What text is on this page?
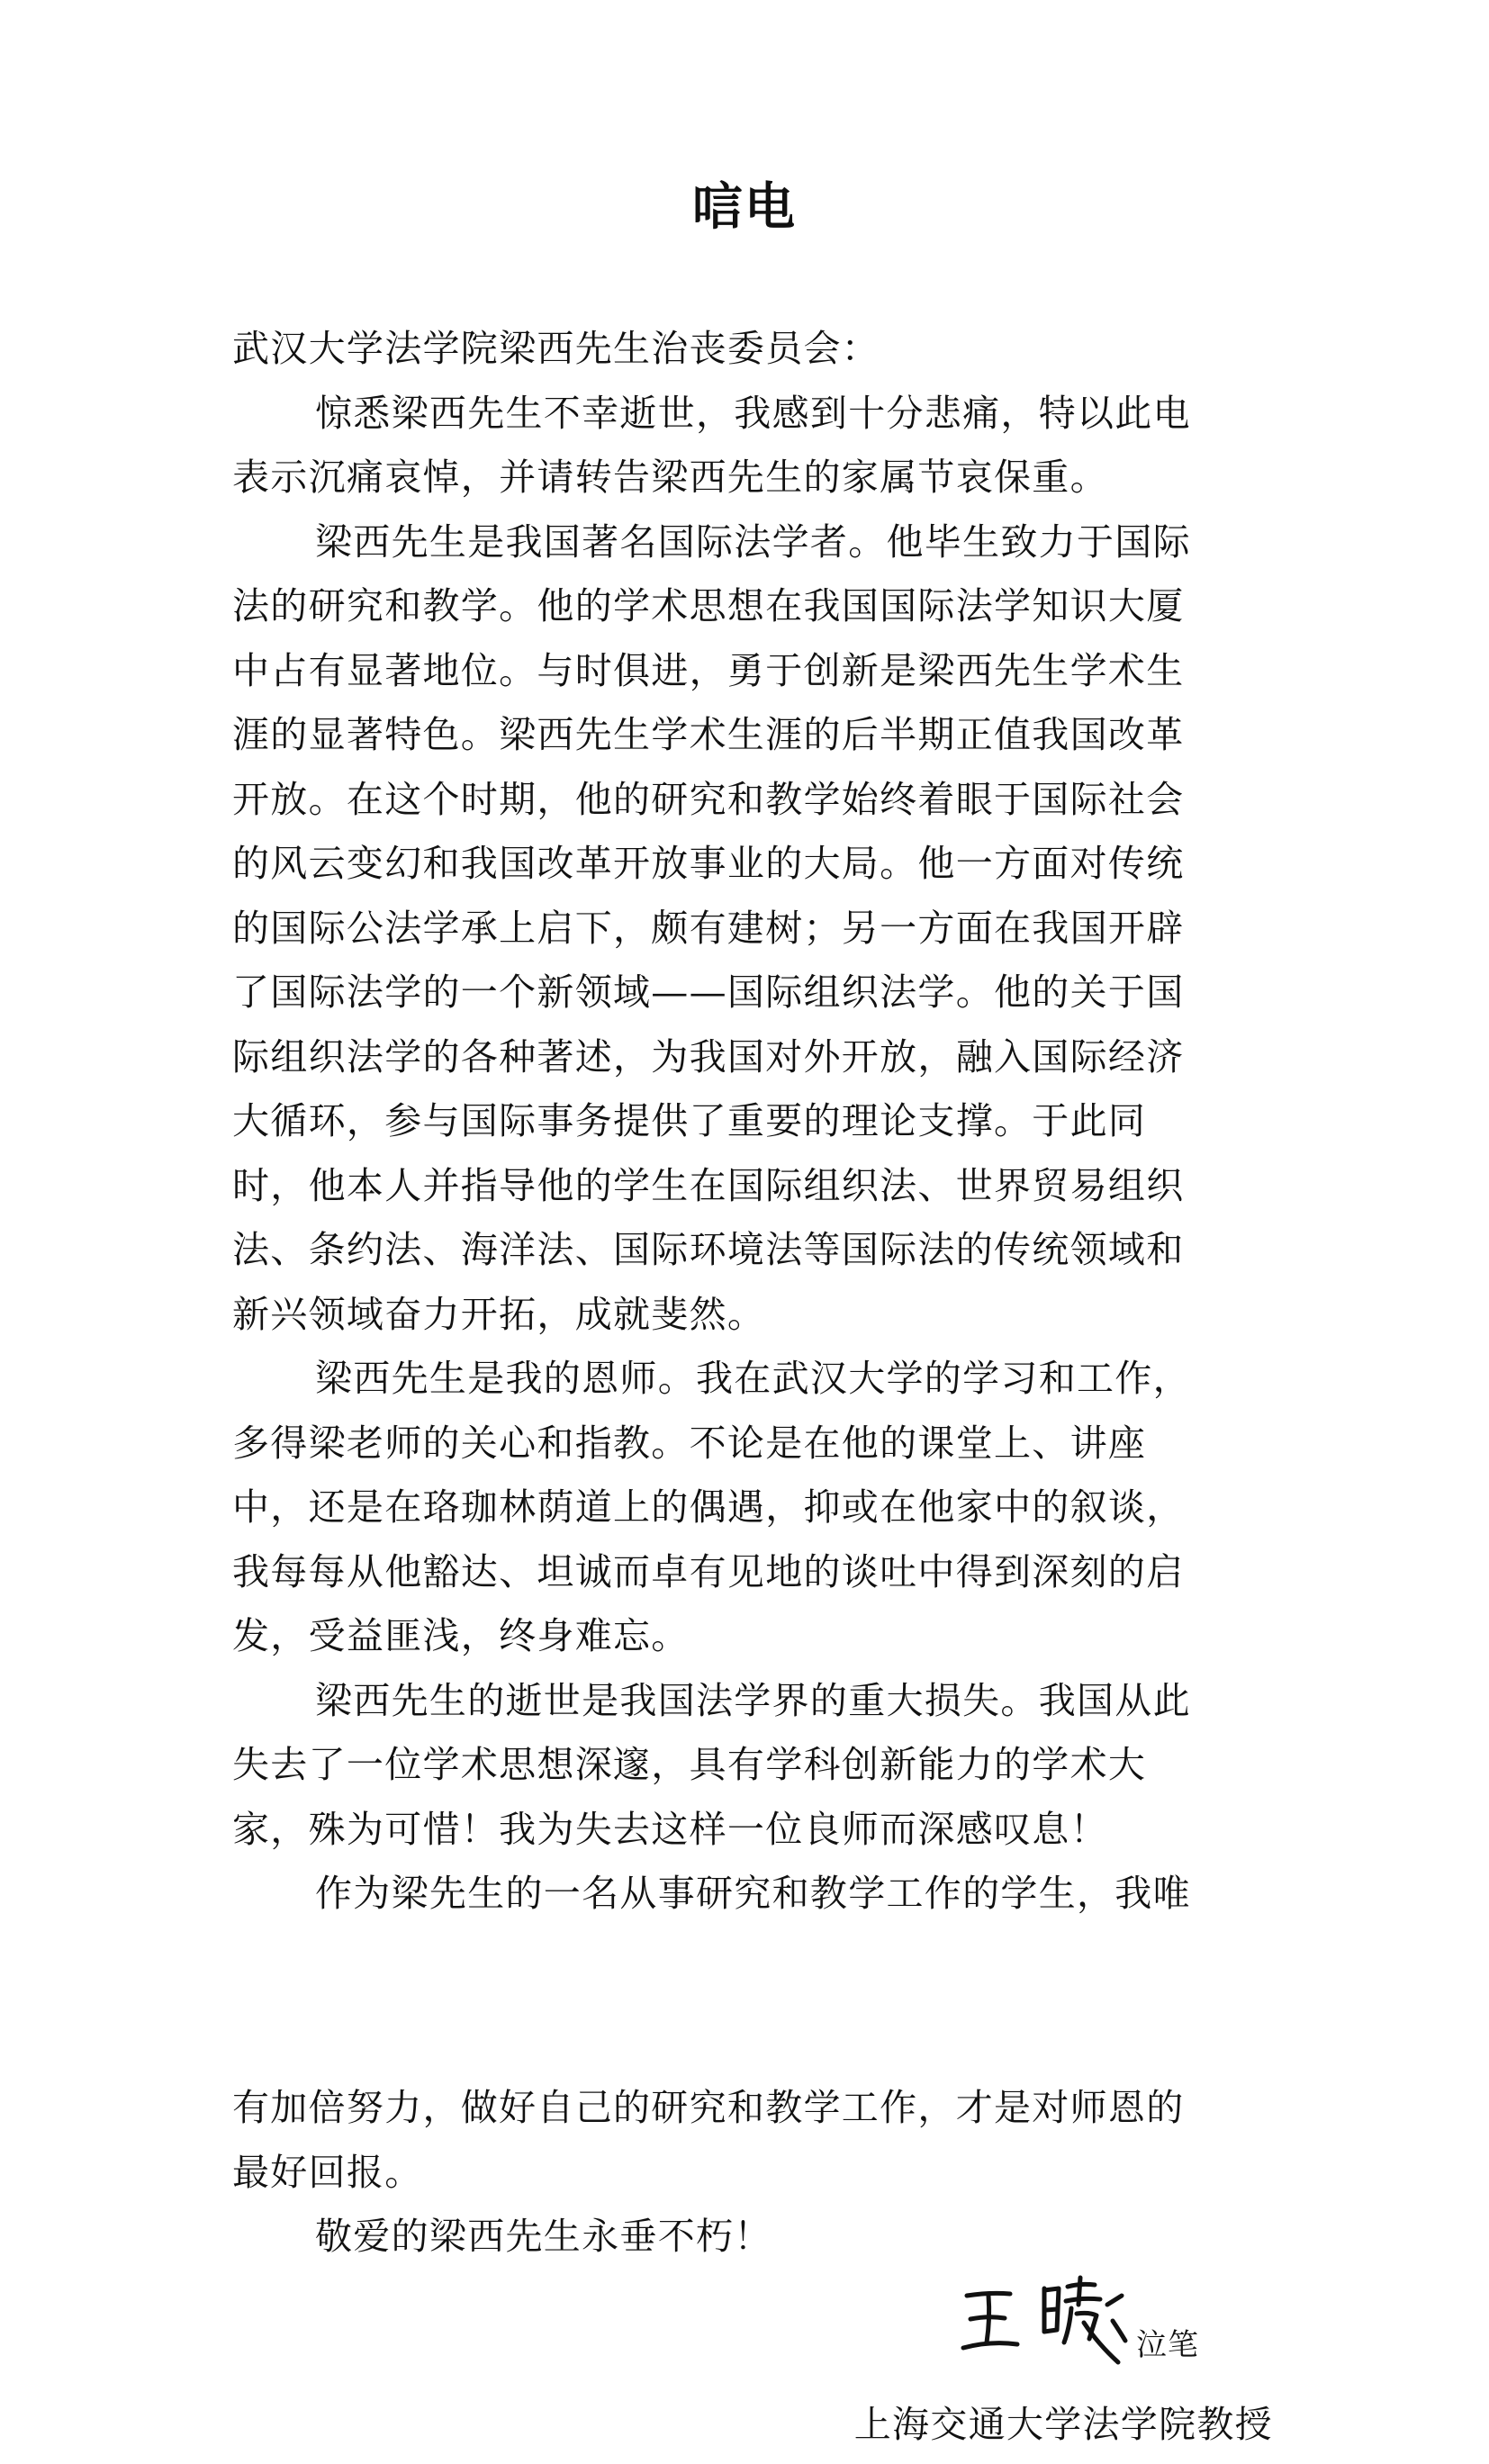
唁电
武汉大学法学院梁西先生治丧委员会：
惊悉梁西先生不幸逝世，我感到十分悲痛，特以此电
表示沉痛哀悼，并请转告梁西先生的家属节哀保重。
梁西先生是我国著名国际法学者。他毕生致力于国际
法的研究和教学。他的学术思想在我国国际法学知识大厦
中占有显著地位。与时俱进，勇于创新是梁西先生学术生
涯的显著特色。梁西先生学术生涯的后半期正值我国改革
开放。在这个时期，他的研究和教学始终着眼于国际社会
的风云变幻和我国改革开放事业的大局。他一方面对传统
的国际公法学承上启下，颇有建树；另一方面在我国开辟
了国际法学的一个新领域——国际组织法学。他的关于国
际组织法学的各种著述，为我国对外开放，融入国际经济
大循环，参与国际事务提供了重要的理论支撑。于此同
时，他本人并指导他的学生在国际组织法、世界贸易组织
法、条约法、海洋法、国际环境法等国际法的传统领域和
新兴领域奋力开拓，成就斐然。
梁西先生是我的恩师。我在武汉大学的学习和工作，
多得梁老师的关心和指教。不论是在他的课堂上、讲座
中，还是在珞珈林荫道上的偶遇，抑或在他家中的叙谈，
我每每从他豁达、坦诚而卓有见地的谈吐中得到深刻的启
发，受益匪浅，终身难忘。
梁西先生的逝世是我国法学界的重大损失。我国从此
失去了一位学术思想深邃，具有学科创新能力的学术大
家，殊为可惜！我为失去这样一位良师而深感叹息！
作为梁先生的一名从事研究和教学工作的学生，我唯
有加倍努力，做好自己的研究和教学工作，才是对师恩的
最好回报。
敬爱的梁西先生永垂不朽！
泣笔
上海交通大学法学院教授
